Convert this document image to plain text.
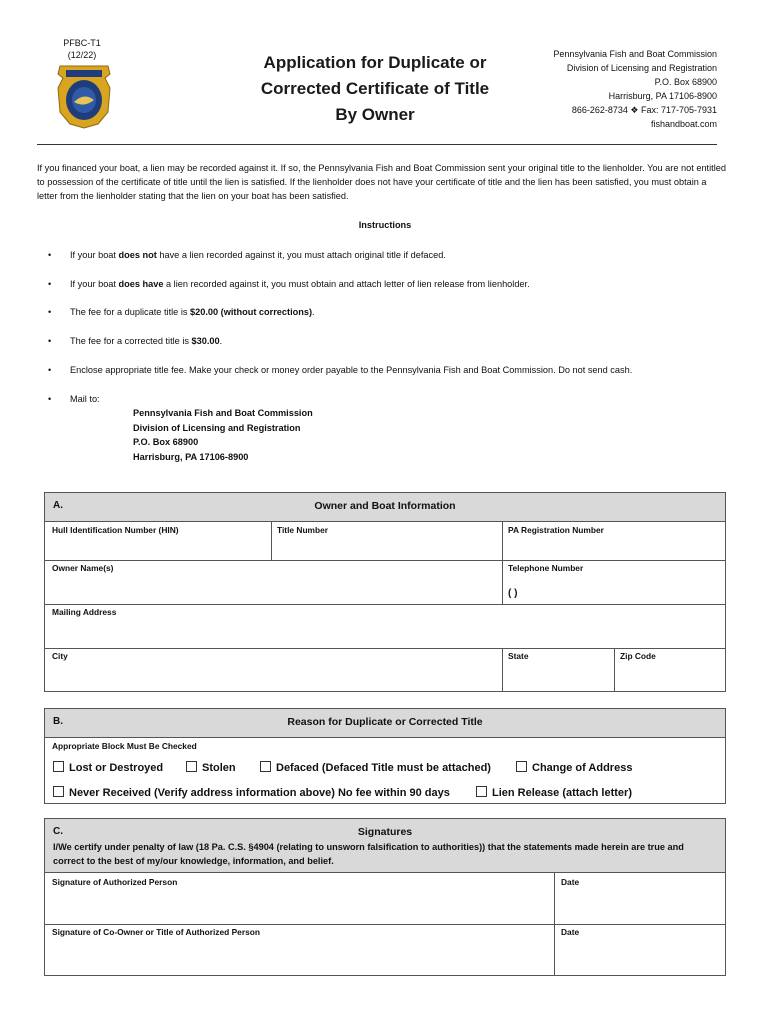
PFBC-T1
(12/22)	Application for Duplicate or
Corrected Certificate of Title
By Owner
Pennsylvania Fish and Boat Commission
Division of Licensing and Registration
P.O. Box 68900
Harrisburg, PA 17106-8900
866-262-8734 ❖ Fax: 717-705-7931
fishandboat.com
If you financed your boat, a lien may be recorded against it. If so, the Pennsylvania Fish and Boat Commission sent your original title to the lienholder. You are not entitled to possession of the certificate of title until the lien is satisfied. If the lienholder does not have your certificate of title and the lien has been satisfied, you must obtain a letter from the lienholder stating that the lien on your boat has been satisfied.
Instructions
• If your boat does not have a lien recorded against it, you must attach original title if defaced.
• If your boat does have a lien recorded against it, you must obtain and attach letter of lien release from lienholder.
• The fee for a duplicate title is $20.00 (without corrections).
• The fee for a corrected title is $30.00.
• Enclose appropriate title fee. Make your check or money order payable to the Pennsylvania Fish and Boat Commission. Do not send cash.
• Mail to:
Pennsylvania Fish and Boat Commission
Division of Licensing and Registration
P.O. Box 68900
Harrisburg, PA 17106-8900
A.	Owner and Boat Information
Hull Identification Number (HIN)	Title Number	PA Registration Number
Owner Name(s)	Telephone Number
( )
Mailing Address
City	State	Zip Code
B.	Reason for Duplicate or Corrected Title
Appropriate Block Must Be Checked
Lost or Destroyed	Stolen	Defaced (Defaced Title must be attached)	Change of Address
Never Received (Verify address information above) No fee within 90 days	Lien Release (attach letter)
C.	Signatures
I/We certify under penalty of law (18 Pa. C.S. §4904 (relating to unsworn falsification to authorities)) that the statements made herein are true and correct to the best of my/our knowledge, information, and belief.
Signature of Authorized Person	Date
Signature of Co-Owner or Title of Authorized Person	Date
